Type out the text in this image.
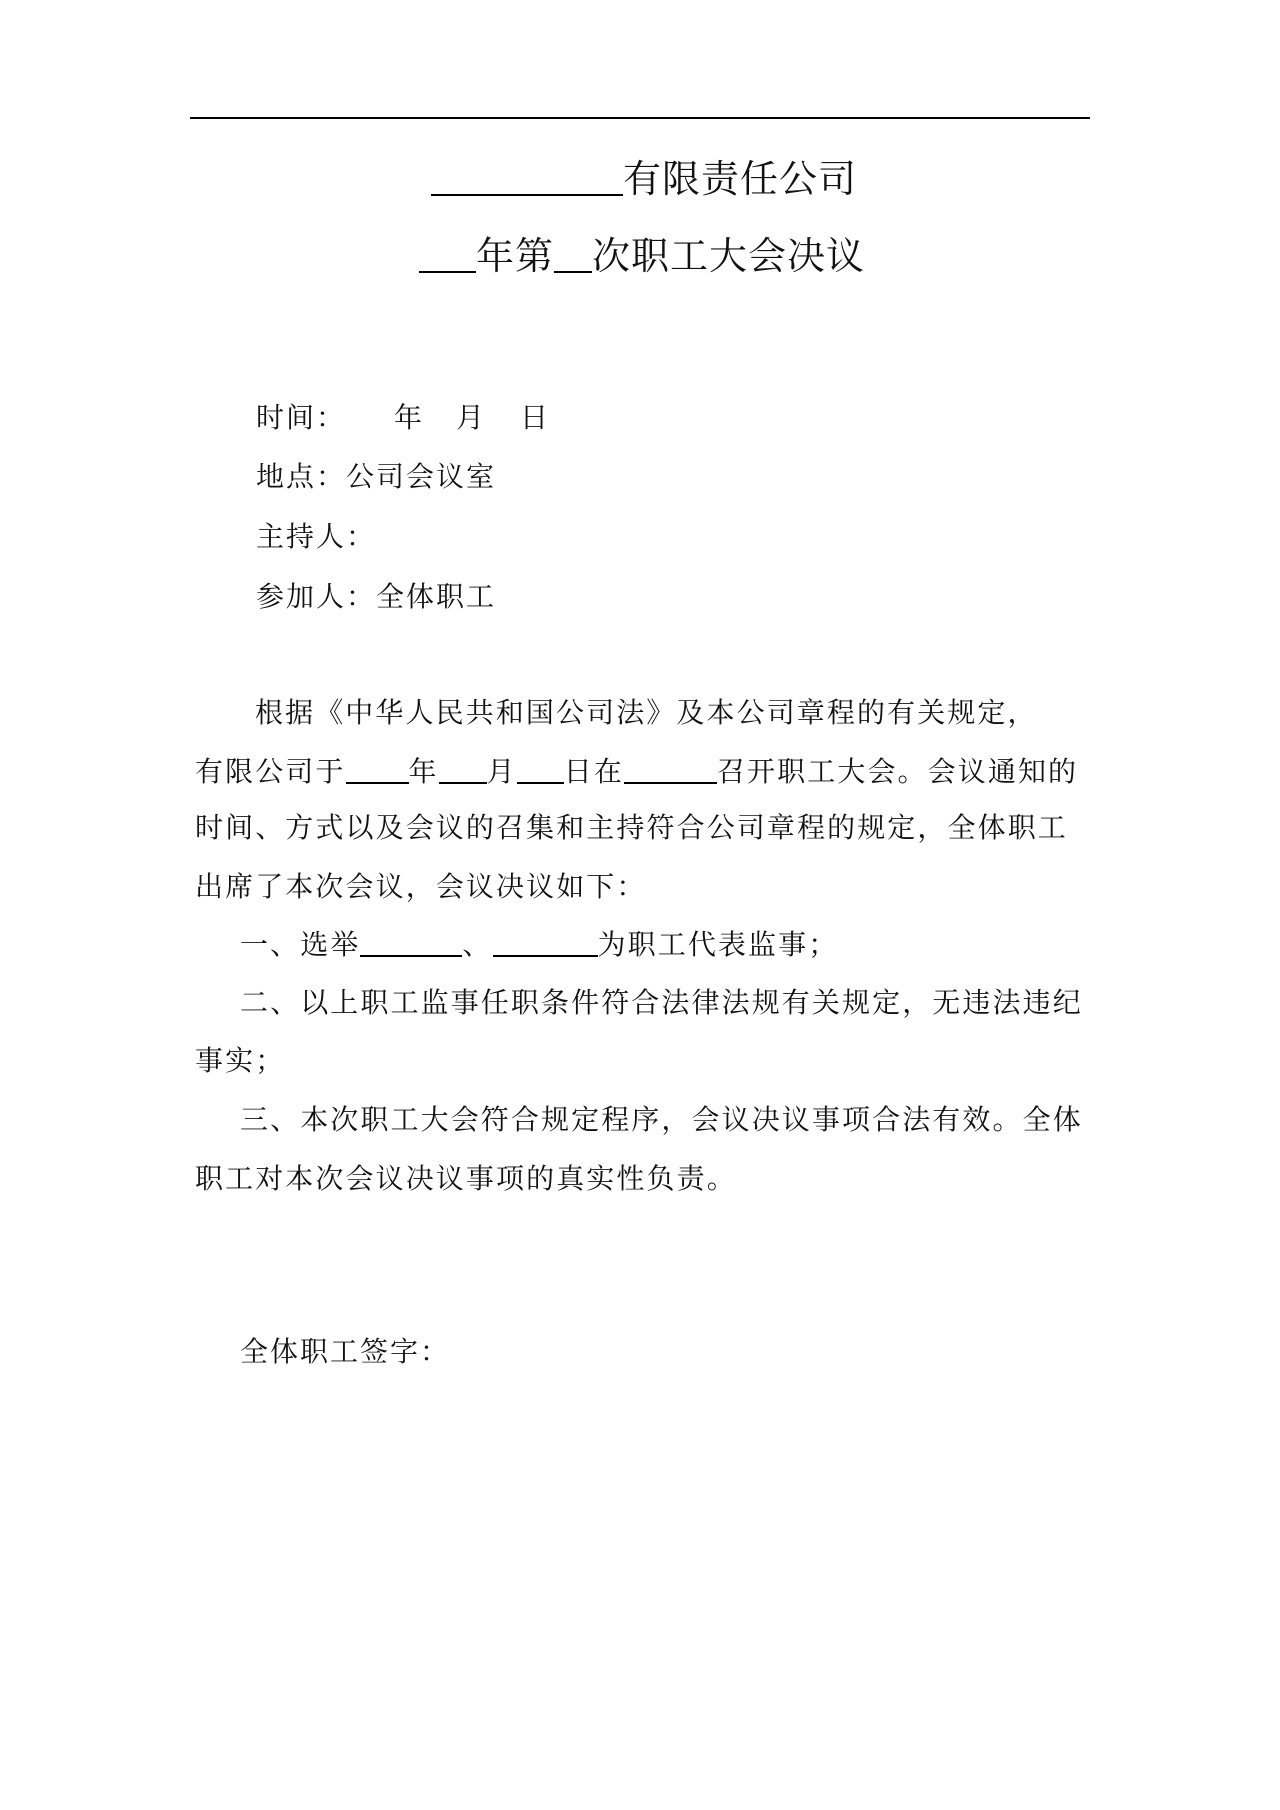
有限责任公司
年第 次职工大会决议
时间： 年 月 日
地点：公司会议室
主持人：
参加人：全体职工
根据《中华人民共和国公司法》及本公司章程的有关规定，
有限公司于 年 月 日在	召开职工大会。会议通知的
时间、方式以及会议的召集和主持符合公司章程的规定，全体职工
出席了本次会议，会议决议如下：
一、选举	、	为职工代表监事；
二、以上职工监事任职条件符合法律法规有关规定，无违法违纪
事实；
三、本次职工大会符合规定程序，会议决议事项合法有效。全体
职工对本次会议决议事项的真实性负责。
全体职工签字：
